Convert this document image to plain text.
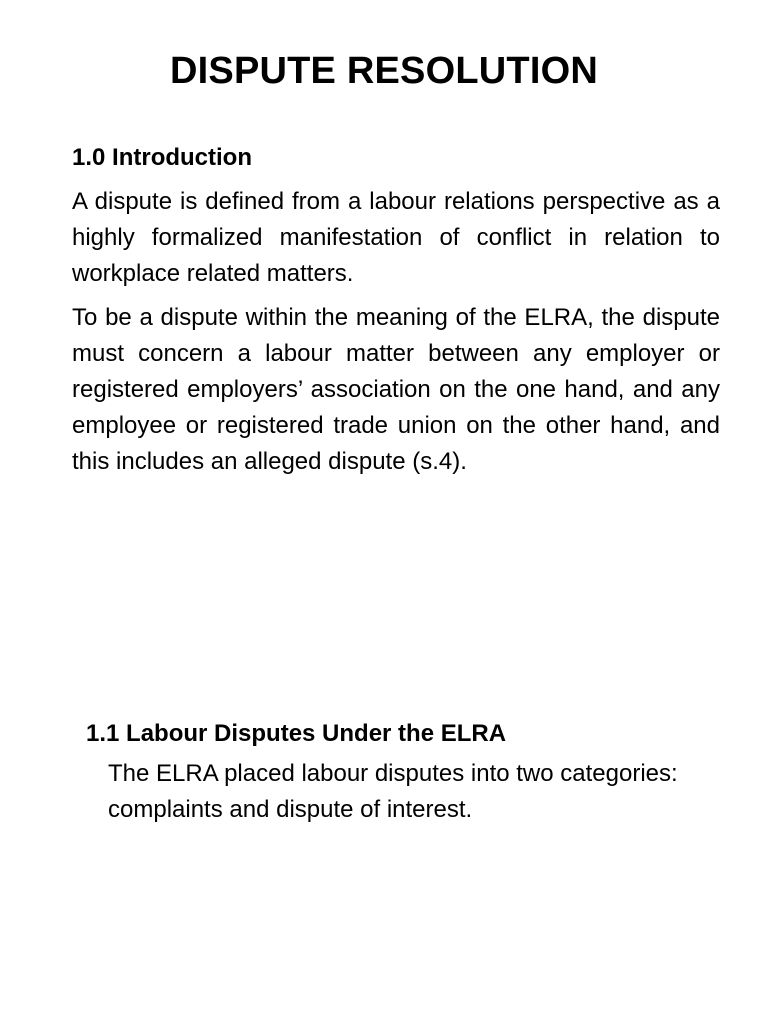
DISPUTE RESOLUTION
1.0 Introduction

A dispute is defined from a labour relations perspective as a highly formalized manifestation of conflict in relation to workplace related matters.

To be a dispute within the meaning of the ELRA, the dispute must concern a labour matter between any employer or registered employers’ association on the one hand, and any employee or registered trade union on the other hand, and this includes an alleged dispute (s.4).

1.1 Labour Disputes Under the ELRA

The ELRA placed labour disputes into two categories: complaints and dispute of interest.
